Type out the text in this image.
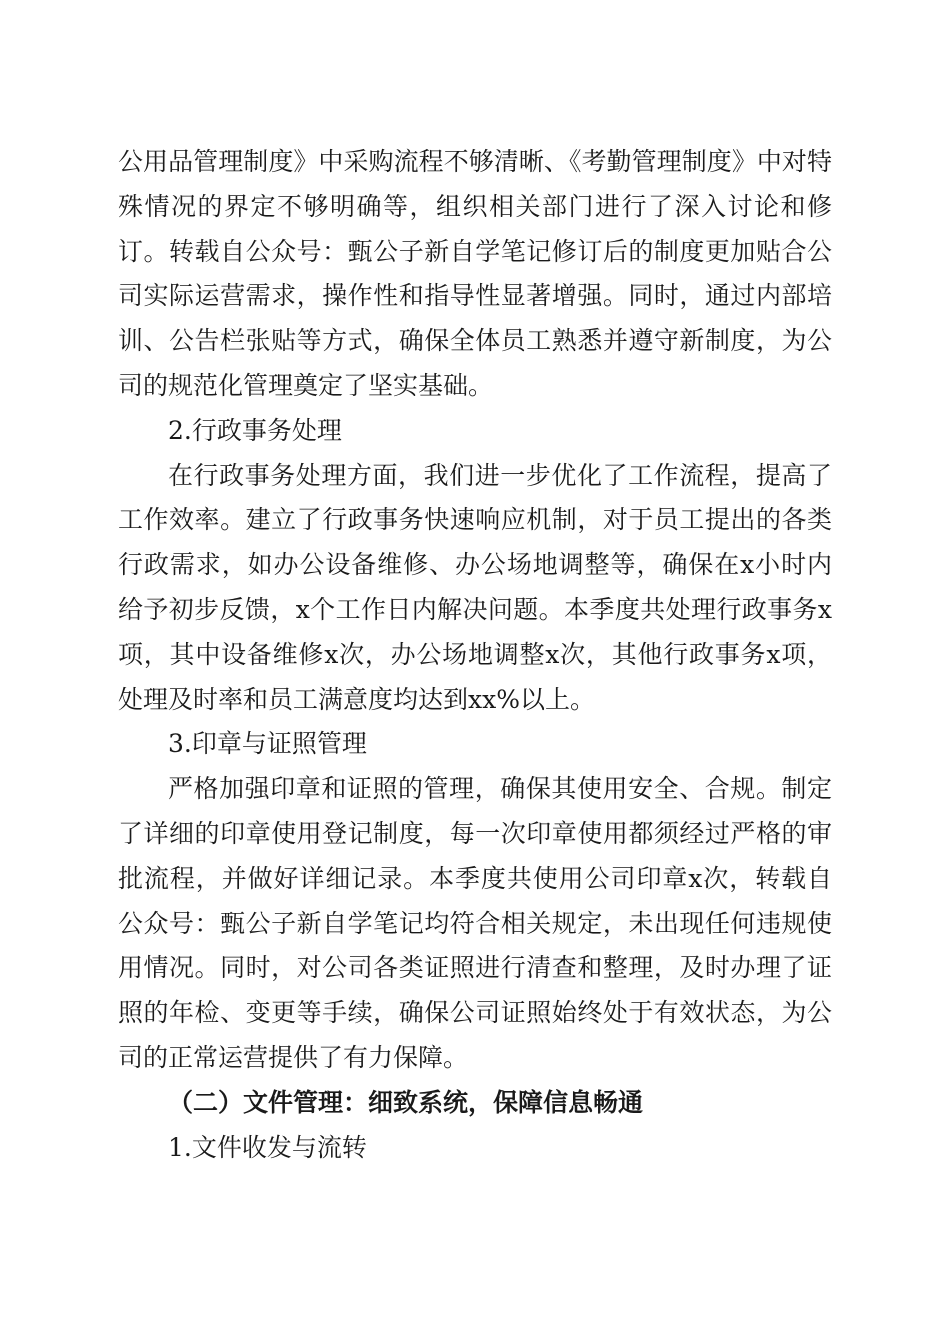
公用品管理制度》中采购流程不够清晰、《考勤管理制度》中对特殊情况的界定不够明确等，组织相关部门进行了深入讨论和修订。转载自公众号：甄公子新自学笔记修订后的制度更加贴合公司实际运营需求，操作性和指导性显著增强。同时，通过内部培训、公告栏张贴等方式，确保全体员工熟悉并遵守新制度，为公司的规范化管理奠定了坚实基础。

2.行政事务处理

在行政事务处理方面，我们进一步优化了工作流程，提高了工作效率。建立了行政事务快速响应机制，对于员工提出的各类行政需求，如办公设备维修、办公场地调整等，确保在x小时内给予初步反馈，x个工作日内解决问题。本季度共处理行政事务x项，其中设备维修x次，办公场地调整x次，其他行政事务x项，处理及时率和员工满意度均达到xx%以上。

3.印章与证照管理

严格加强印章和证照的管理，确保其使用安全、合规。制定了详细的印章使用登记制度，每一次印章使用都须经过严格的审批流程，并做好详细记录。本季度共使用公司印章x次，转载自公众号：甄公子新自学笔记均符合相关规定，未出现任何违规使用情况。同时，对公司各类证照进行清查和整理，及时办理了证照的年检、变更等手续，确保公司证照始终处于有效状态，为公司的正常运营提供了有力保障。

（二）文件管理：细致系统，保障信息畅通

1.文件收发与流转
